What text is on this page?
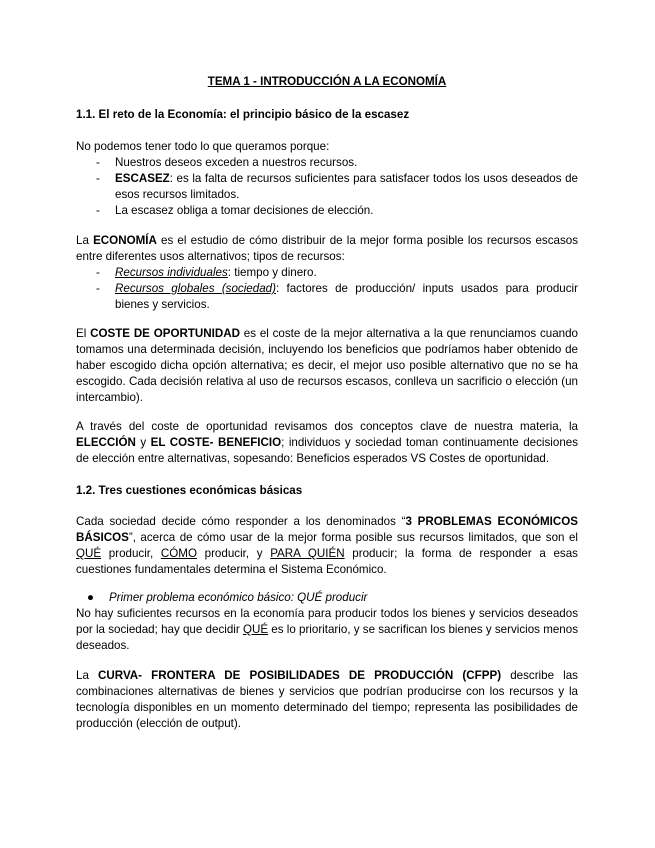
TEMA 1 - INTRODUCCIÓN A LA ECONOMÍA
1.1. El reto de la Economía: el principio básico de la escasez
No podemos tener todo lo que queramos porque:
- Nuestros deseos exceden a nuestros recursos.
- ESCASEZ: es la falta de recursos suficientes para satisfacer todos los usos deseados de esos recursos limitados.
- La escasez obliga a tomar decisiones de elección.
La ECONOMÍA es el estudio de cómo distribuir de la mejor forma posible los recursos escasos entre diferentes usos alternativos; tipos de recursos:
- Recursos individuales: tiempo y dinero.
- Recursos globales (sociedad): factores de producción/ inputs usados para producir bienes y servicios.
El COSTE DE OPORTUNIDAD es el coste de la mejor alternativa a la que renunciamos cuando tomamos una determinada decisión, incluyendo los beneficios que podríamos haber obtenido de haber escogido dicha opción alternativa; es decir, el mejor uso posible alternativo que no se ha escogido. Cada decisión relativa al uso de recursos escasos, conlleva un sacrificio o elección (un intercambio).
A través del coste de oportunidad revisamos dos conceptos clave de nuestra materia, la ELECCIÓN y EL COSTE- BENEFICIO; individuos y sociedad toman continuamente decisiones de elección entre alternativas, sopesando: Beneficios esperados VS Costes de oportunidad.
1.2. Tres cuestiones económicas básicas
Cada sociedad decide cómo responder a los denominados “3 PROBLEMAS ECONÓMICOS BÁSICOS”, acerca de cómo usar de la mejor forma posible sus recursos limitados, que son el QUÉ producir, CÓMO producir, y PARA QUIÉN producir; la forma de responder a esas cuestiones fundamentales determina el Sistema Económico.
● Primer problema económico básico: QUÉ producir
No hay suficientes recursos en la economía para producir todos los bienes y servicios deseados por la sociedad; hay que decidir QUÉ es lo prioritario, y se sacrifican los bienes y servicios menos deseados.
La CURVA- FRONTERA DE POSIBILIDADES DE PRODUCCIÓN (CFPP) describe las combinaciones alternativas de bienes y servicios que podrían producirse con los recursos y la tecnología disponibles en un momento determinado del tiempo; representa las posibilidades de producción (elección de output).
